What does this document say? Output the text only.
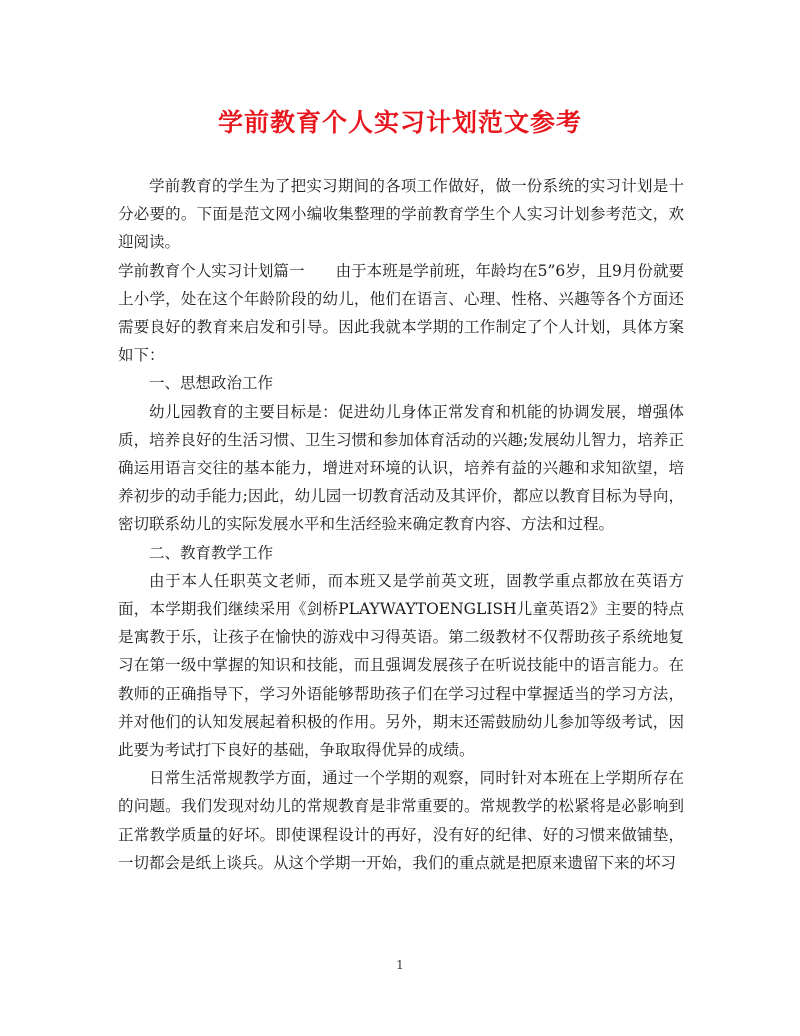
学前教育个人实习计划范文参考

学前教育的学生为了把实习期间的各项工作做好，做一份系统的实习计划是十分必要的。下面是范文网小编收集整理的学前教育学生个人实习计划参考范文，欢迎阅读。

学前教育个人实习计划篇一　　由于本班是学前班，年龄均在5”6岁，且9月份就要上小学，处在这个年龄阶段的幼儿，他们在语言、心理、性格、兴趣等各个方面还需要良好的教育来启发和引导。因此我就本学期的工作制定了个人计划，具体方案如下：

一、思想政治工作

幼儿园教育的主要目标是：促进幼儿身体正常发育和机能的协调发展，增强体质，培养良好的生活习惯、卫生习惯和参加体育活动的兴趣;发展幼儿智力，培养正确运用语言交往的基本能力，增进对环境的认识，培养有益的兴趣和求知欲望，培养初步的动手能力;因此，幼儿园一切教育活动及其评价，都应以教育目标为导向，密切联系幼儿的实际发展水平和生活经验来确定教育内容、方法和过程。

二、教育教学工作

由于本人任职英文老师，而本班又是学前英文班，固教学重点都放在英语方面，本学期我们继续采用《剑桥PLAYWAYTOENGLISH儿童英语2》主要的特点是寓教于乐，让孩子在愉快的游戏中习得英语。第二级教材不仅帮助孩子系统地复习在第一级中掌握的知识和技能，而且强调发展孩子在听说技能中的语言能力。在教师的正确指导下，学习外语能够帮助孩子们在学习过程中掌握适当的学习方法，并对他们的认知发展起着积极的作用。另外，期末还需鼓励幼儿参加等级考试，因此要为考试打下良好的基础，争取取得优异的成绩。

日常生活常规教学方面，通过一个学期的观察，同时针对本班在上学期所存在的问题。我们发现对幼儿的常规教育是非常重要的。常规教学的松紧将是必影响到正常教学质量的好坏。即使课程设计的再好，没有好的纪律、好的习惯来做铺垫，一切都会是纸上谈兵。从这个学期一开始，我们的重点就是把原来遗留下来的坏习

1
